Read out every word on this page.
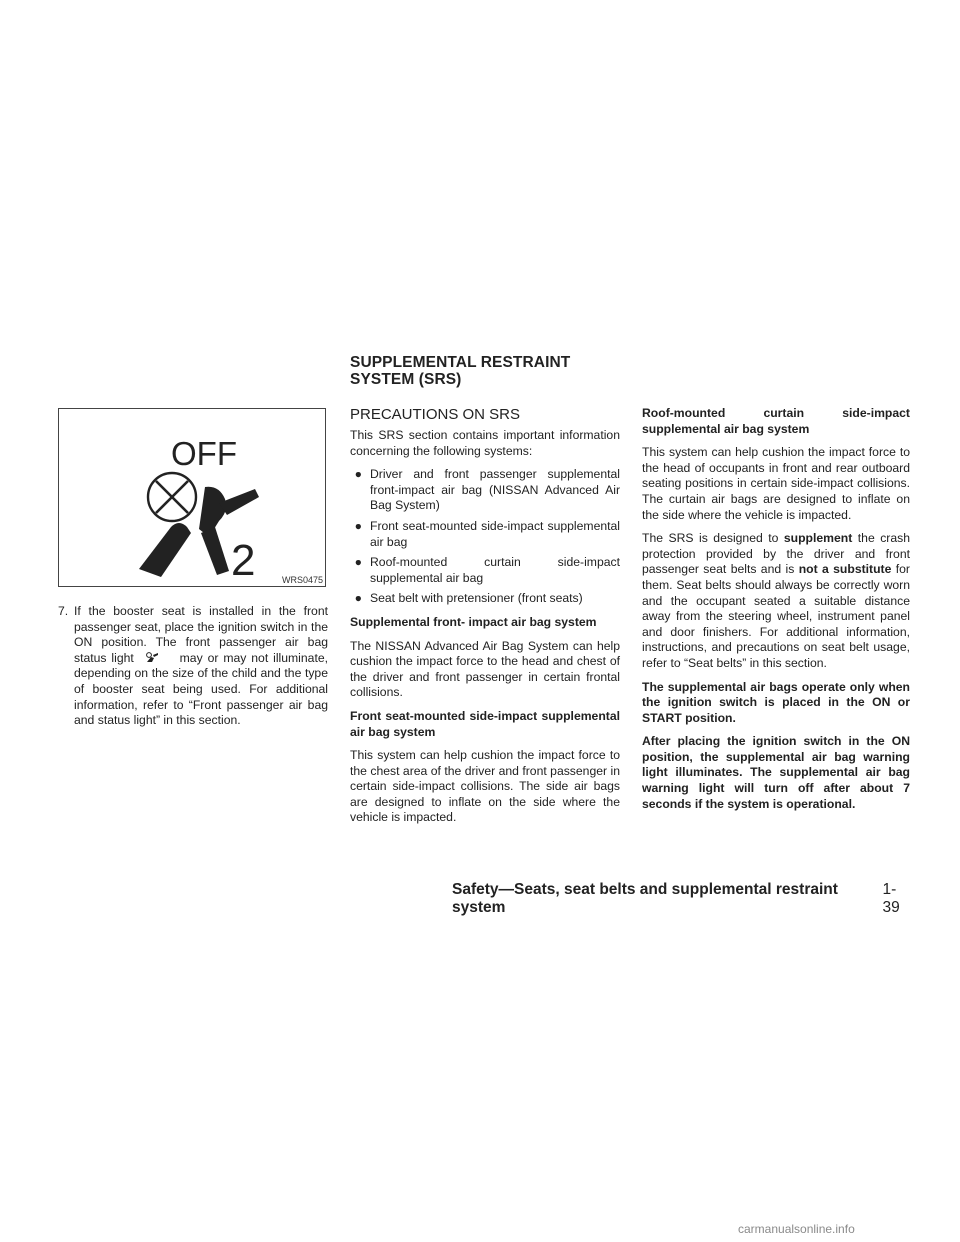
SUPPLEMENTAL RESTRAINT
SYSTEM (SRS)
OFF
2	WRS0475
7. If the booster seat is installed in the front passenger seat, place the ignition switch in the ON position. The front passenger air bag status light	may or may not illuminate, depending on the size of the child and the type of booster seat being used. For additional information, refer to “Front passenger air bag and status light” in this section.
PRECAUTIONS ON SRS

This SRS section contains important information concerning the following systems:

● Driver and front passenger supplemental front-impact air bag (NISSAN Advanced Air Bag System)
● Front seat-mounted side-impact supplemental air bag
● Roof-mounted curtain side-impact supplemental air bag
● Seat belt with pretensioner (front seats)

Supplemental front- impact air bag system

The NISSAN Advanced Air Bag System can help cushion the impact force to the head and chest of the driver and front passenger in certain frontal collisions.

Front seat-mounted side-impact supplemental air bag system

This system can help cushion the impact force to the chest area of the driver and front passenger in certain side-impact collisions. The side air bags are designed to inflate on the side where the vehicle is impacted.

Roof-mounted curtain side-impact supplemental air bag system

This system can help cushion the impact force to the head of occupants in front and rear outboard seating positions in certain side-impact collisions. The curtain air bags are designed to inflate on the side where the vehicle is impacted.

The SRS is designed to supplement the crash protection provided by the driver and front passenger seat belts and is not a substitute for them. Seat belts should always be correctly worn and the occupant seated a suitable distance away from the steering wheel, instrument panel and door finishers. For additional information, instructions, and precautions on seat belt usage, refer to “Seat belts” in this section.

The supplemental air bags operate only when the ignition switch is placed in the ON or START position.

After placing the ignition switch in the ON position, the supplemental air bag warning light illuminates. The supplemental air bag warning light will turn off after about 7 seconds if the system is operational.

Safety—Seats, seat belts and supplemental restraint system
1-39
carmanualsonline.info
